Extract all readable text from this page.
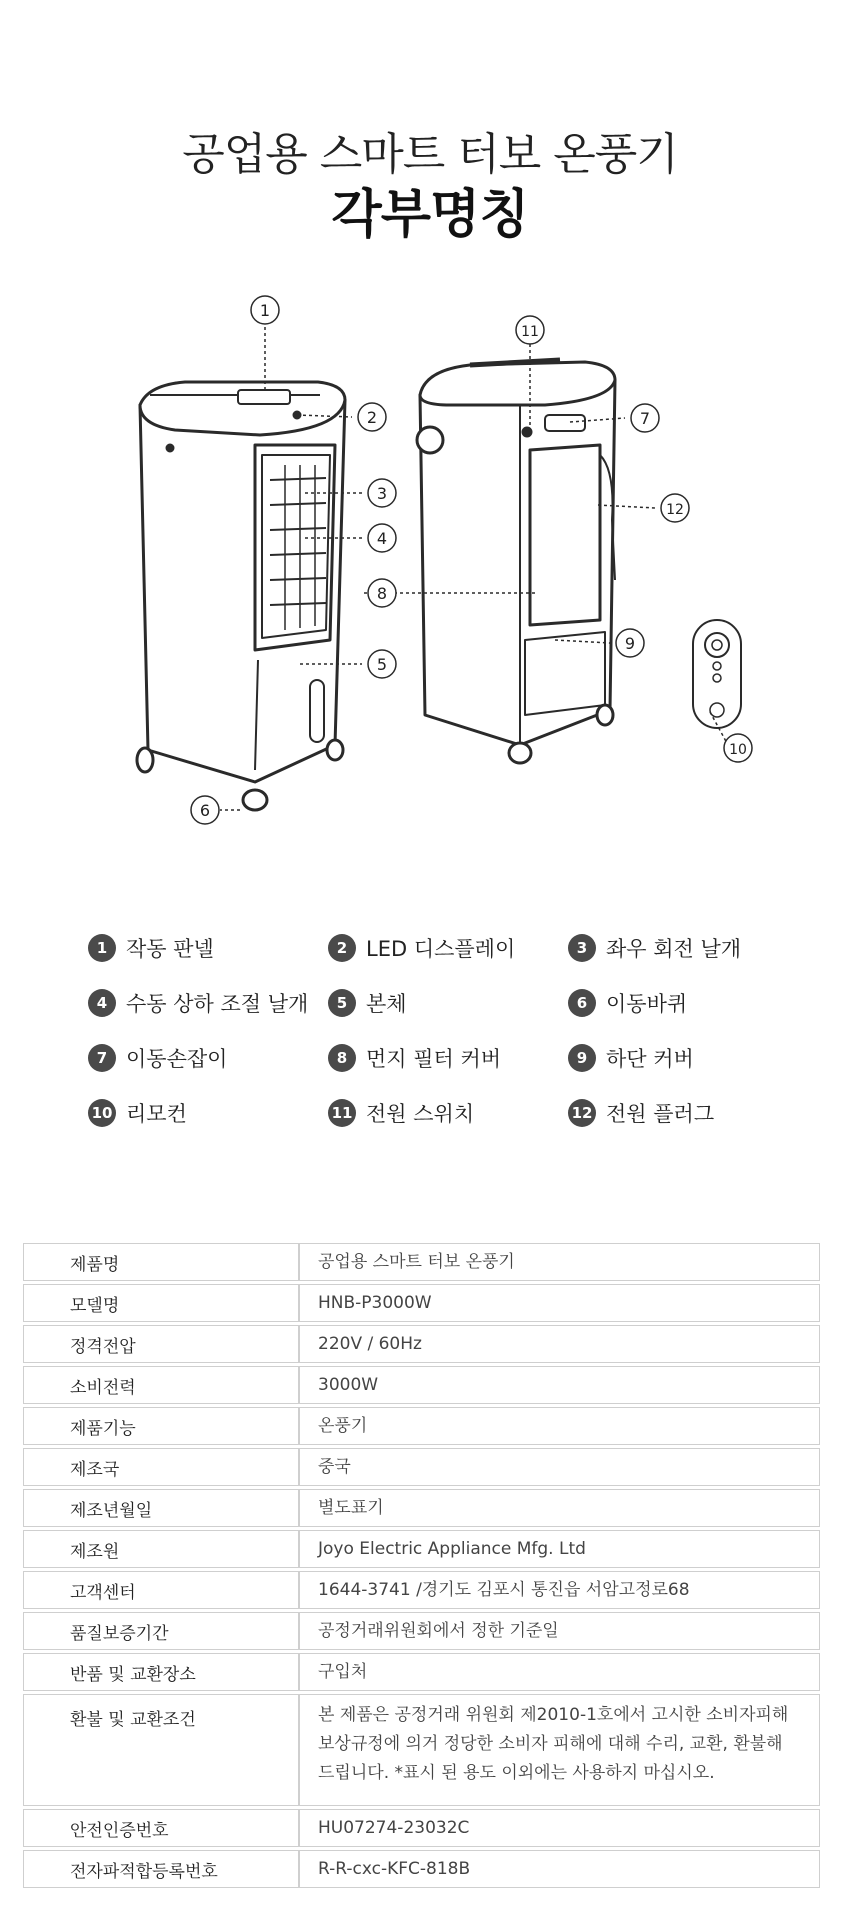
공업용 스마트 터보 온풍기
각부명칭
1
2
3
4
5
6
7
8
9
10
11
12
1 작동 판넬	2 LED 디스플레이	3 좌우 회전 날개
4 수동 상하 조절 날개	5 본체	6 이동바퀴
7 이동손잡이	8 먼지 필터 커버	9 하단 커버
10 리모컨	11 전원 스위치	12 전원 플러그
제품명	공업용 스마트 터보 온풍기
모델명	HNB-P3000W
정격전압	220V / 60Hz
소비전력	3000W
제품기능	온풍기
제조국	중국
제조년월일	별도표기
제조원	Joyo Electric Appliance Mfg. Ltd
고객센터	1644-3741 /경기도 김포시 통진읍 서암고정로68
품질보증기간	공정거래위원회에서 정한 기준일
반품 및 교환장소	구입처
환불 및 교환조건	본 제품은 공정거래 위원회 제2010-1호에서 고시한 소비자피해 보상규정에 의거 정당한 소비자 피해에 대해 수리, 교환, 환불해 드립니다. *표시 된 용도 이외에는 사용하지 마십시오.
안전인증번호	HU07274-23032C
전자파적합등록번호	R-R-cxc-KFC-818B
